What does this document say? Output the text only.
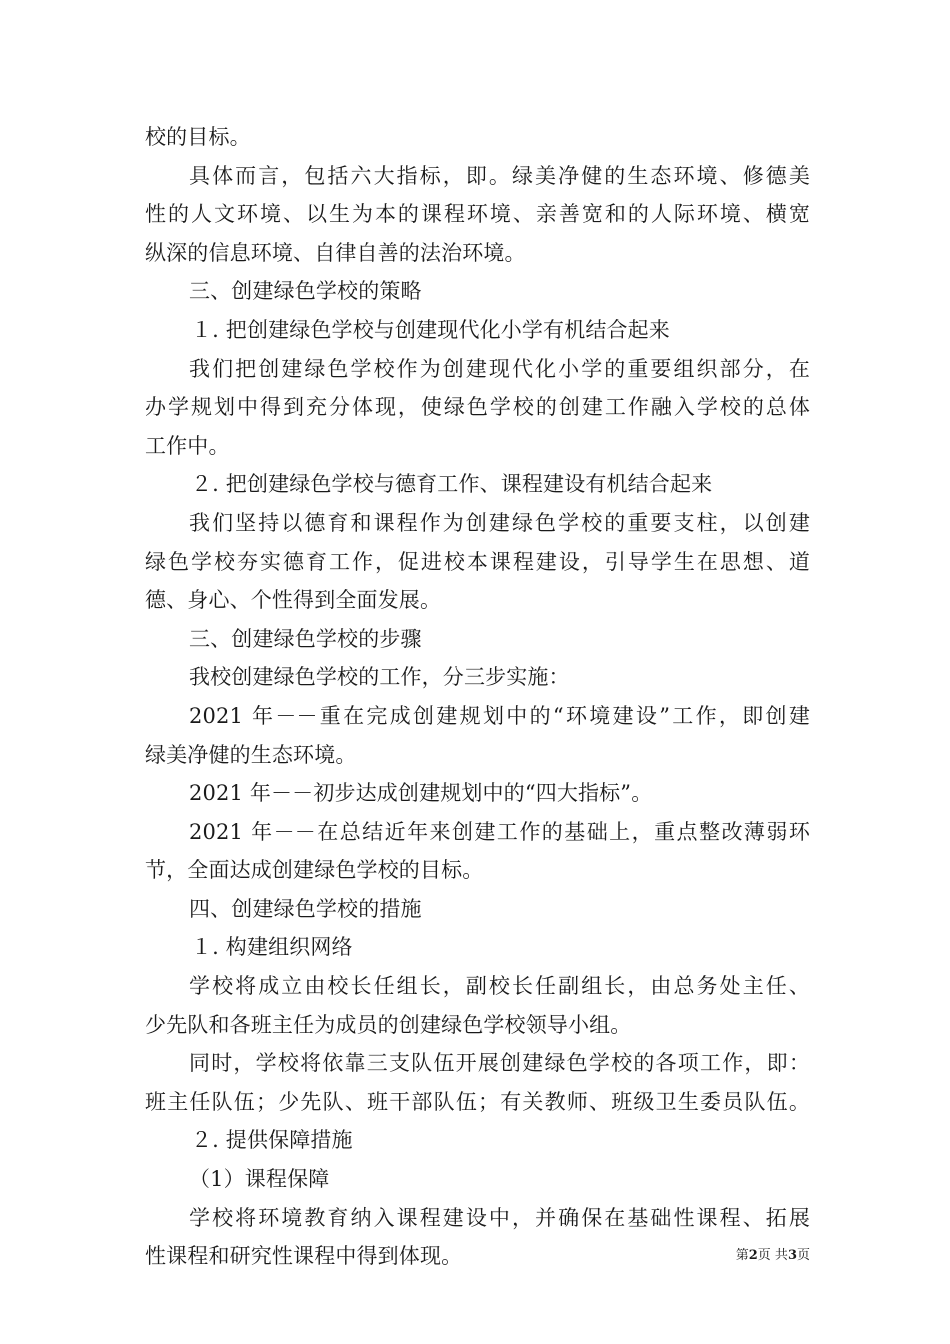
校的目标。
具体而言，包括六大指标，即。绿美净健的生态环境、修德美
性的人文环境、以生为本的课程环境、亲善宽和的人际环境、横宽
纵深的信息环境、自律自善的法治环境。
三、创建绿色学校的策略
１. 把创建绿色学校与创建现代化小学有机结合起来
我们把创建绿色学校作为创建现代化小学的重要组织部分，在
办学规划中得到充分体现，使绿色学校的创建工作融入学校的总体
工作中。
２. 把创建绿色学校与德育工作、课程建设有机结合起来
我们坚持以德育和课程作为创建绿色学校的重要支柱，以创建
绿色学校夯实德育工作，促进校本课程建设，引导学生在思想、道
德、身心、个性得到全面发展。
三、创建绿色学校的步骤
我校创建绿色学校的工作，分三步实施：
2021 年－－重在完成创建规划中的“环境建设”工作，即创建
绿美净健的生态环境。
2021 年－－初步达成创建规划中的“四大指标”。
2021 年－－在总结近年来创建工作的基础上，重点整改薄弱环
节，全面达成创建绿色学校的目标。
四、创建绿色学校的措施
１. 构建组织网络
学校将成立由校长任组长，副校长任副组长，由总务处主任、
少先队和各班主任为成员的创建绿色学校领导小组。
同时，学校将依靠三支队伍开展创建绿色学校的各项工作，即：
班主任队伍；少先队、班干部队伍；有关教师、班级卫生委员队伍。
２. 提供保障措施
（1）课程保障
学校将环境教育纳入课程建设中，并确保在基础性课程、拓展
性课程和研究性课程中得到体现。	第2页 共3页
